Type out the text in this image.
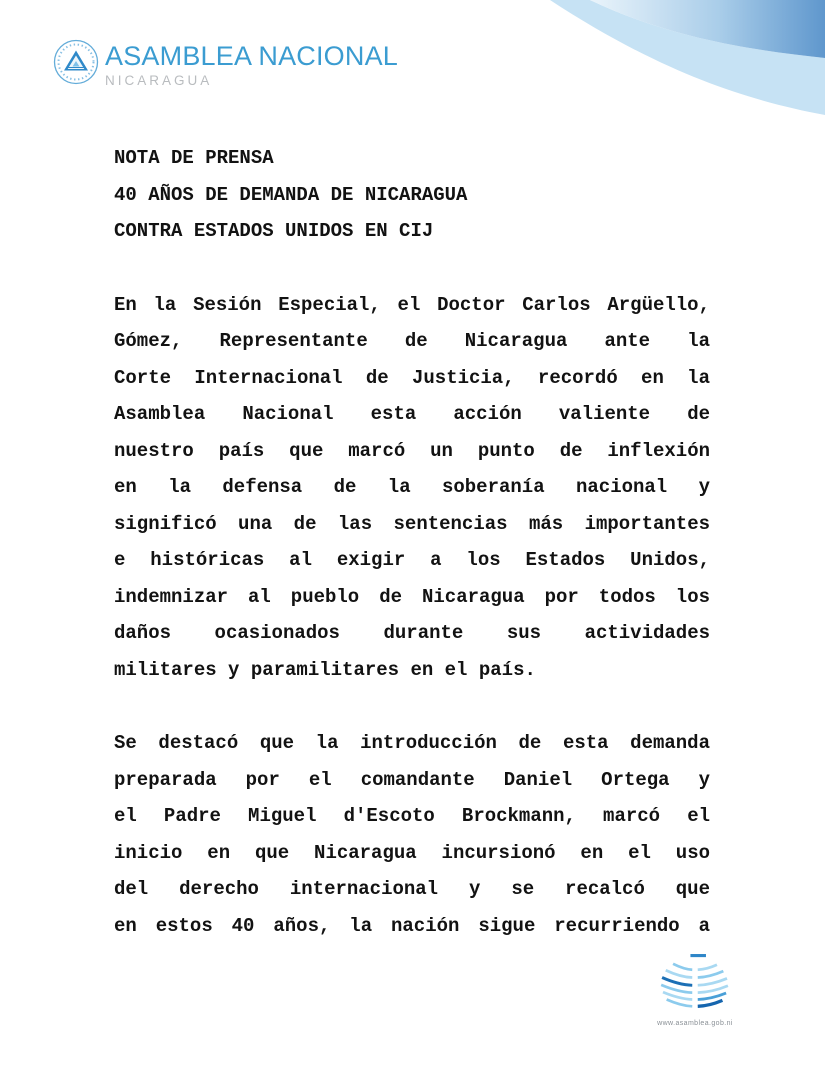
ASAMBLEA NACIONAL
NICARAGUA
NOTA DE PRENSA
40 AÑOS DE DEMANDA DE NICARAGUA
CONTRA ESTADOS UNIDOS EN CIJ
En la Sesión Especial, el Doctor Carlos Argüello,
Gómez, Representante de Nicaragua ante la
Corte Internacional de Justicia, recordó en la
Asamblea Nacional esta acción valiente de
nuestro país que marcó un punto de inflexión
en la defensa de la soberanía nacional y
significó una de las sentencias más importantes
e históricas al exigir a los Estados Unidos,
indemnizar al pueblo de Nicaragua por todos los
daños ocasionados durante sus actividades
militares y paramilitares en el país.
Se destacó que la introducción de esta demanda
preparada por el comandante Daniel Ortega y
el Padre Miguel d'Escoto Brockmann, marcó el
inicio en que Nicaragua incursionó en el uso
del derecho internacional y se recalcó que
en estos 40 años, la nación sigue recurriendo a
www.asamblea.gob.ni
